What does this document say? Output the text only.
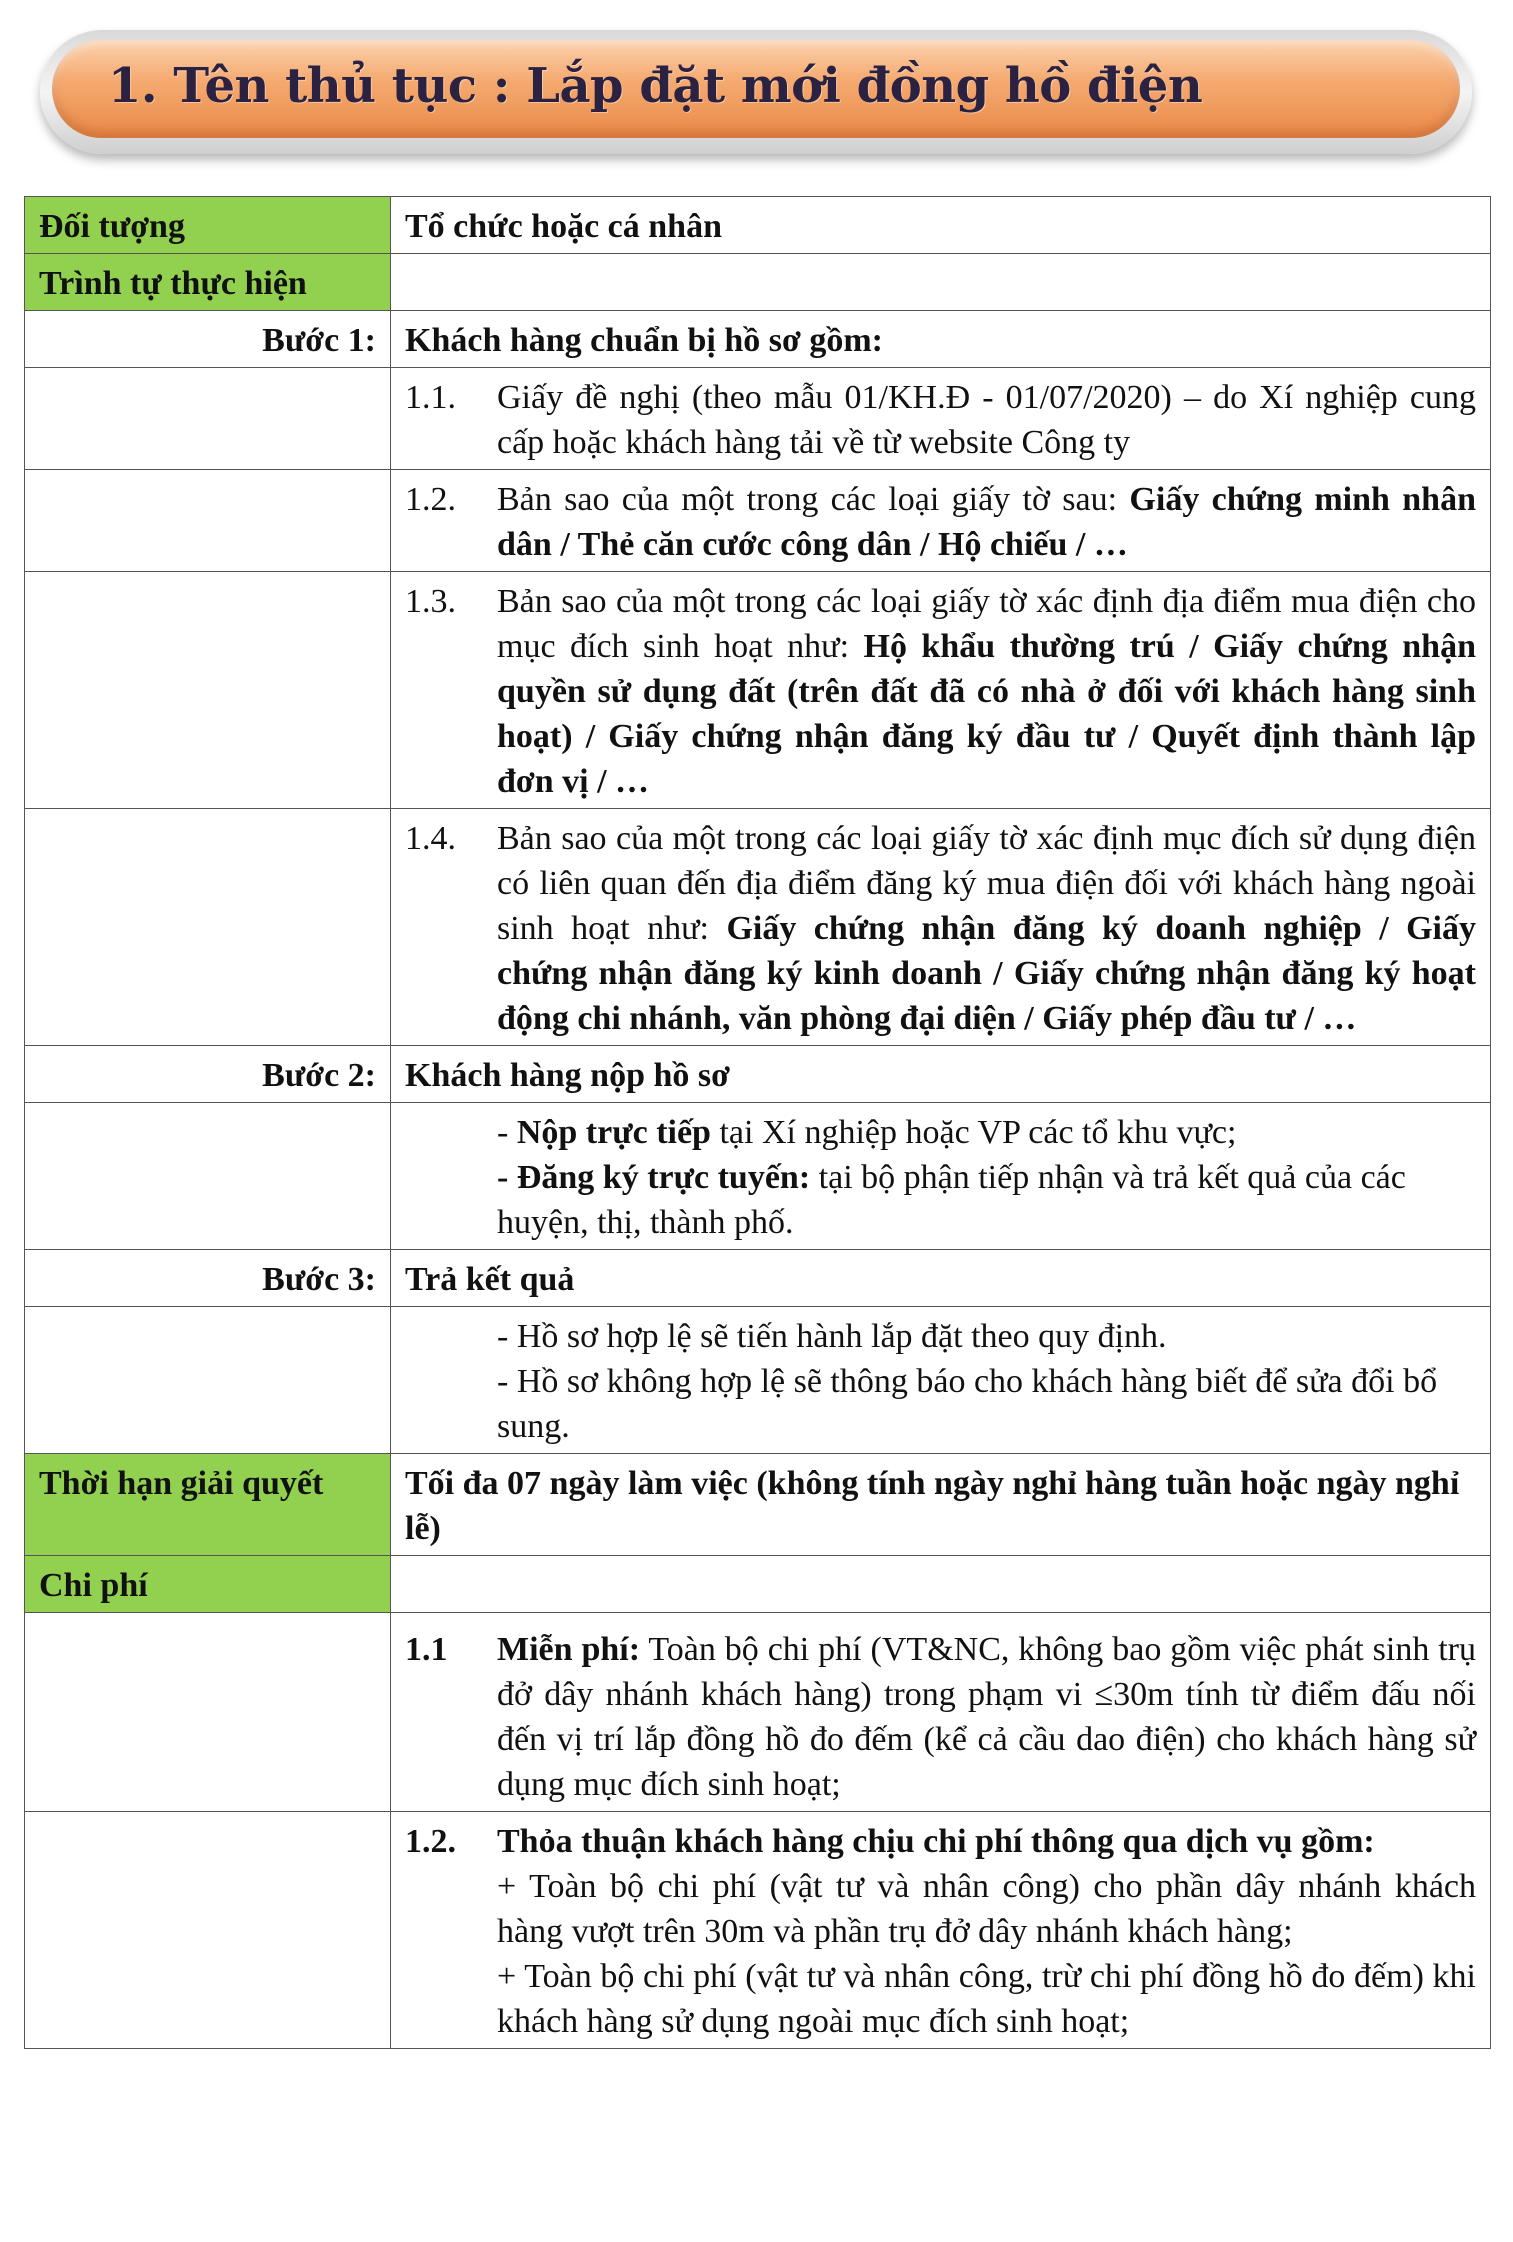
1. Tên thủ tục : Lắp đặt mới đồng hồ điện
Đối tượng	Tổ chức hoặc cá nhân
Trình tự thực hiện	
Bước 1:	Khách hàng chuẩn bị hồ sơ gồm:

	1.1. Giấy đề nghị (theo mẫu 01/KH.Đ - 01/07/2020) – do Xí nghiệp cung cấp hoặc khách hàng tải về từ website Công ty

	1.2. Bản sao của một trong các loại giấy tờ sau: Giấy chứng minh nhân dân / Thẻ căn cước công dân / Hộ chiếu / …

	1.3. Bản sao của một trong các loại giấy tờ xác định địa điểm mua điện cho mục đích sinh hoạt như: Hộ khẩu thường trú / Giấy chứng nhận quyền sử dụng đất (trên đất đã có nhà ở đối với khách hàng sinh hoạt) / Giấy chứng nhận đăng ký đầu tư / Quyết định thành lập đơn vị / …

	1.4. Bản sao của một trong các loại giấy tờ xác định mục đích sử dụng điện có liên quan đến địa điểm đăng ký mua điện đối với khách hàng ngoài sinh hoạt như: Giấy chứng nhận đăng ký doanh nghiệp / Giấy chứng nhận đăng ký kinh doanh / Giấy chứng nhận đăng ký hoạt động chi nhánh, văn phòng đại diện / Giấy phép đầu tư / …

Bước 2:	Khách hàng nộp hồ sơ

	- Nộp trực tiếp tại Xí nghiệp hoặc VP các tổ khu vực;
- Đăng ký trực tuyến: tại bộ phận tiếp nhận và trả kết quả của các huyện, thị, thành phố.

Bước 3:	Trả kết quả

	- Hồ sơ hợp lệ sẽ tiến hành lắp đặt theo quy định.
- Hồ sơ không hợp lệ sẽ thông báo cho khách hàng biết để sửa đổi bổ sung.

Thời hạn giải quyết	Tối đa 07 ngày làm việc (không tính ngày nghỉ hàng tuần hoặc ngày nghỉ lễ)
Chi phí	

	1.1 Miễn phí: Toàn bộ chi phí (VT&NC, không bao gồm việc phát sinh trụ đở dây nhánh khách hàng) trong phạm vi ≤30m tính từ điểm đấu nối đến vị trí lắp đồng hồ đo đếm (kể cả cầu dao điện) cho khách hàng sử dụng mục đích sinh hoạt;

	1.2. Thỏa thuận khách hàng chịu chi phí thông qua dịch vụ gồm:
+ Toàn bộ chi phí (vật tư và nhân công) cho phần dây nhánh khách hàng vượt trên 30m và phần trụ đở dây nhánh khách hàng;
+ Toàn bộ chi phí (vật tư và nhân công, trừ chi phí đồng hồ đo đếm) khi khách hàng sử dụng ngoài mục đích sinh hoạt;
